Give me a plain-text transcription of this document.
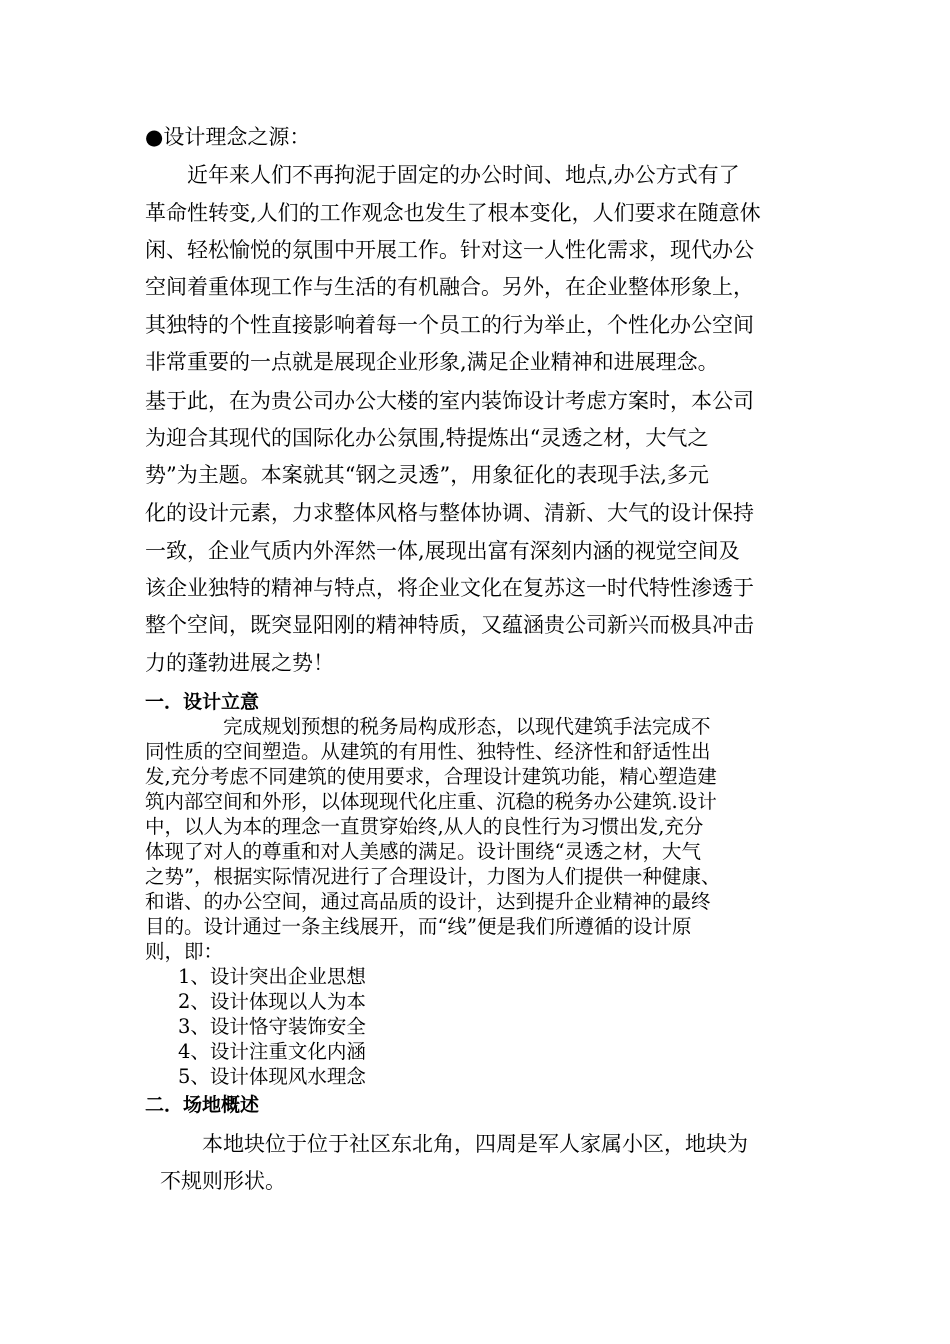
●设计理念之源：
　　近年来人们不再拘泥于固定的办公时间、地点,办公方式有了
革命性转变,人们的工作观念也发生了根本变化，人们要求在随意休
闲、轻松愉悦的氛围中开展工作。针对这一人性化需求，现代办公
空间着重体现工作与生活的有机融合。另外，在企业整体形象上，
其独特的个性直接影响着每一个员工的行为举止，个性化办公空间
非常重要的一点就是展现企业形象,满足企业精神和进展理念。
基于此，在为贵公司办公大楼的室内装饰设计考虑方案时，本公司
为迎合其现代的国际化办公氛围,特提炼出“灵透之材，大气之
势”为主题。本案就其“钢之灵透”，用象征化的表现手法,多元
化的设计元素，力求整体风格与整体协调、清新、大气的设计保持
一致，企业气质内外浑然一体,展现出富有深刻内涵的视觉空间及
该企业独特的精神与特点，将企业文化在复苏这一时代特性渗透于
整个空间，既突显阳刚的精神特质，又蕴涵贵公司新兴而极具冲击
力的蓬勃进展之势！
一．设计立意
　　　　完成规划预想的税务局构成形态，以现代建筑手法完成不
同性质的空间塑造。从建筑的有用性、独特性、经济性和舒适性出
发,充分考虑不同建筑的使用要求，合理设计建筑功能，精心塑造建
筑内部空间和外形，以体现现代化庄重、沉稳的税务办公建筑.设计
中，以人为本的理念一直贯穿始终,从人的良性行为习惯出发,充分
体现了对人的尊重和对人美感的满足。设计围绕“灵透之材，大气
之势”，根据实际情况进行了合理设计，力图为人们提供一种健康、
和谐、的办公空间，通过高品质的设计，达到提升企业精神的最终
目的。设计通过一条主线展开，而“线”便是我们所遵循的设计原
则，即：
1、设计突出企业思想
2、设计体现以人为本
3、设计恪守装饰安全
4、设计注重文化内涵
5、设计体现风水理念
二．场地概述
　　本地块位于位于社区东北角，四周是军人家属小区，地块为
不规则形状。
